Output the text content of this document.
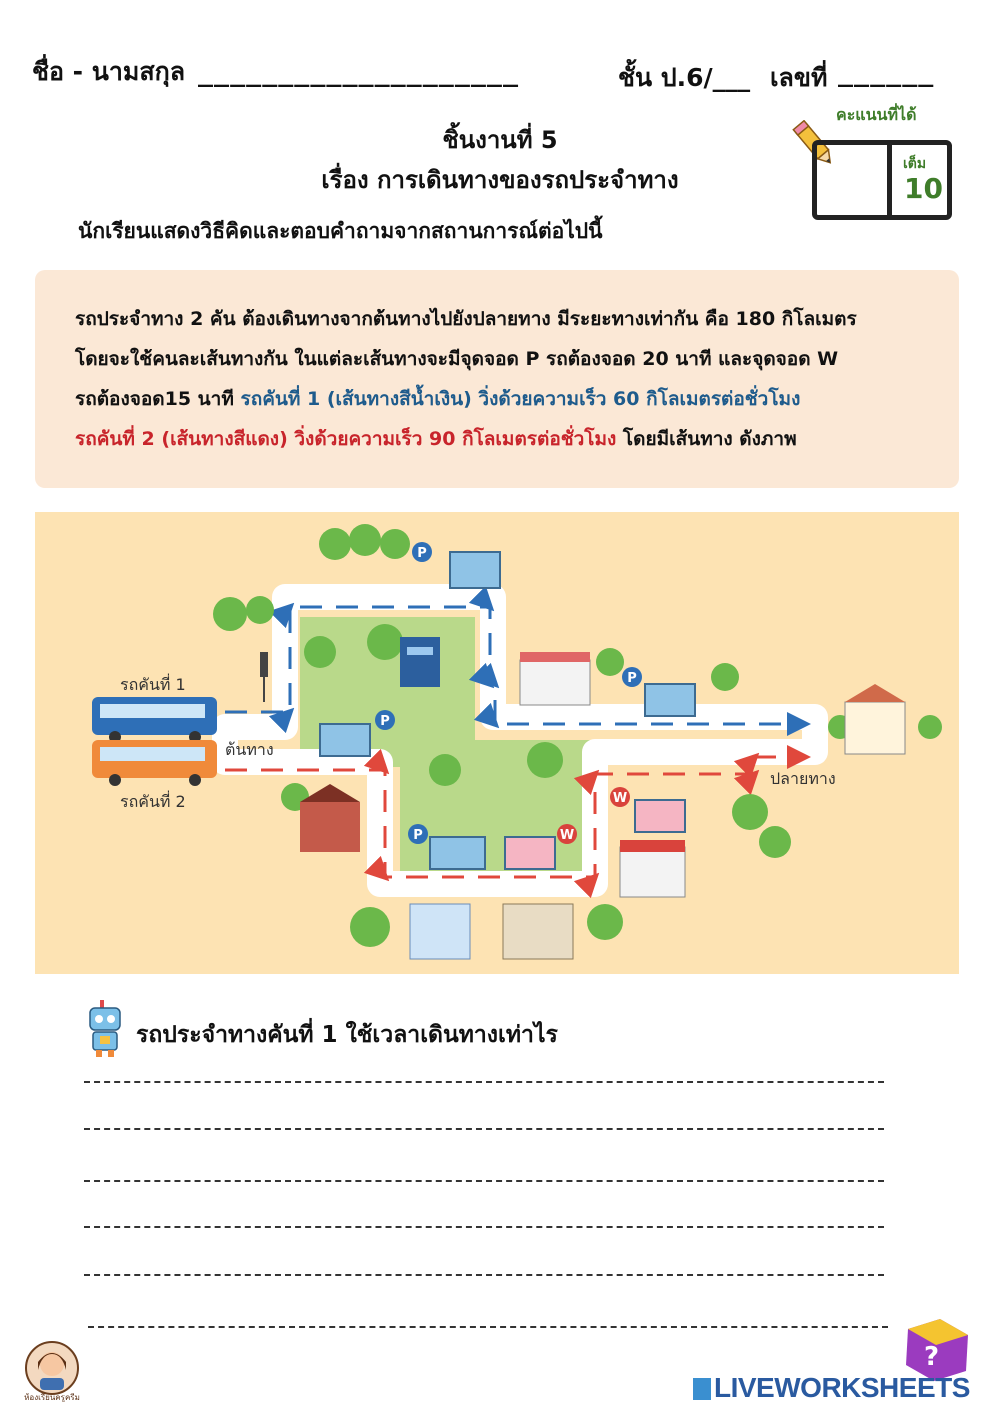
ชื่อ - นามสกุล ____________________	ชั้น ป.6/___ เลขที่ ______
ชิ้นงานที่ 5
เรื่อง การเดินทางของรถประจำทาง
คะแนนที่ได้
เต็ม
10
นักเรียนแสดงวิธีคิดและตอบคำถามจากสถานการณ์ต่อไปนี้

รถประจำทาง 2 คัน ต้องเดินทางจากต้นทางไปยังปลายทาง มีระยะทางเท่ากัน คือ 180 กิโลเมตร

โดยจะใช้คนละเส้นทางกัน ในแต่ละเส้นทางจะมีจุดจอด P รถต้องจอด 20 นาที และจุดจอด W

รถต้องจอด15 นาที รถคันที่ 1 (เส้นทางสีน้ำเงิน) วิ่งด้วยความเร็ว 60 กิโลเมตรต่อชั่วโมง

รถคันที่ 2 (เส้นทางสีแดง) วิ่งด้วยความเร็ว 90 กิโลเมตรต่อชั่วโมง โดยมีเส้นทาง ดังภาพ

P
P
P
P	W
W
รถคันที่ 1
รถคันที่ 2
ต้นทาง
ปลายทาง
รถประจำทางคันที่ 1 ใช้เวลาเดินทางเท่าไร
ห้องเรียนครูครีม
?
LIVEWORKSHEETS
